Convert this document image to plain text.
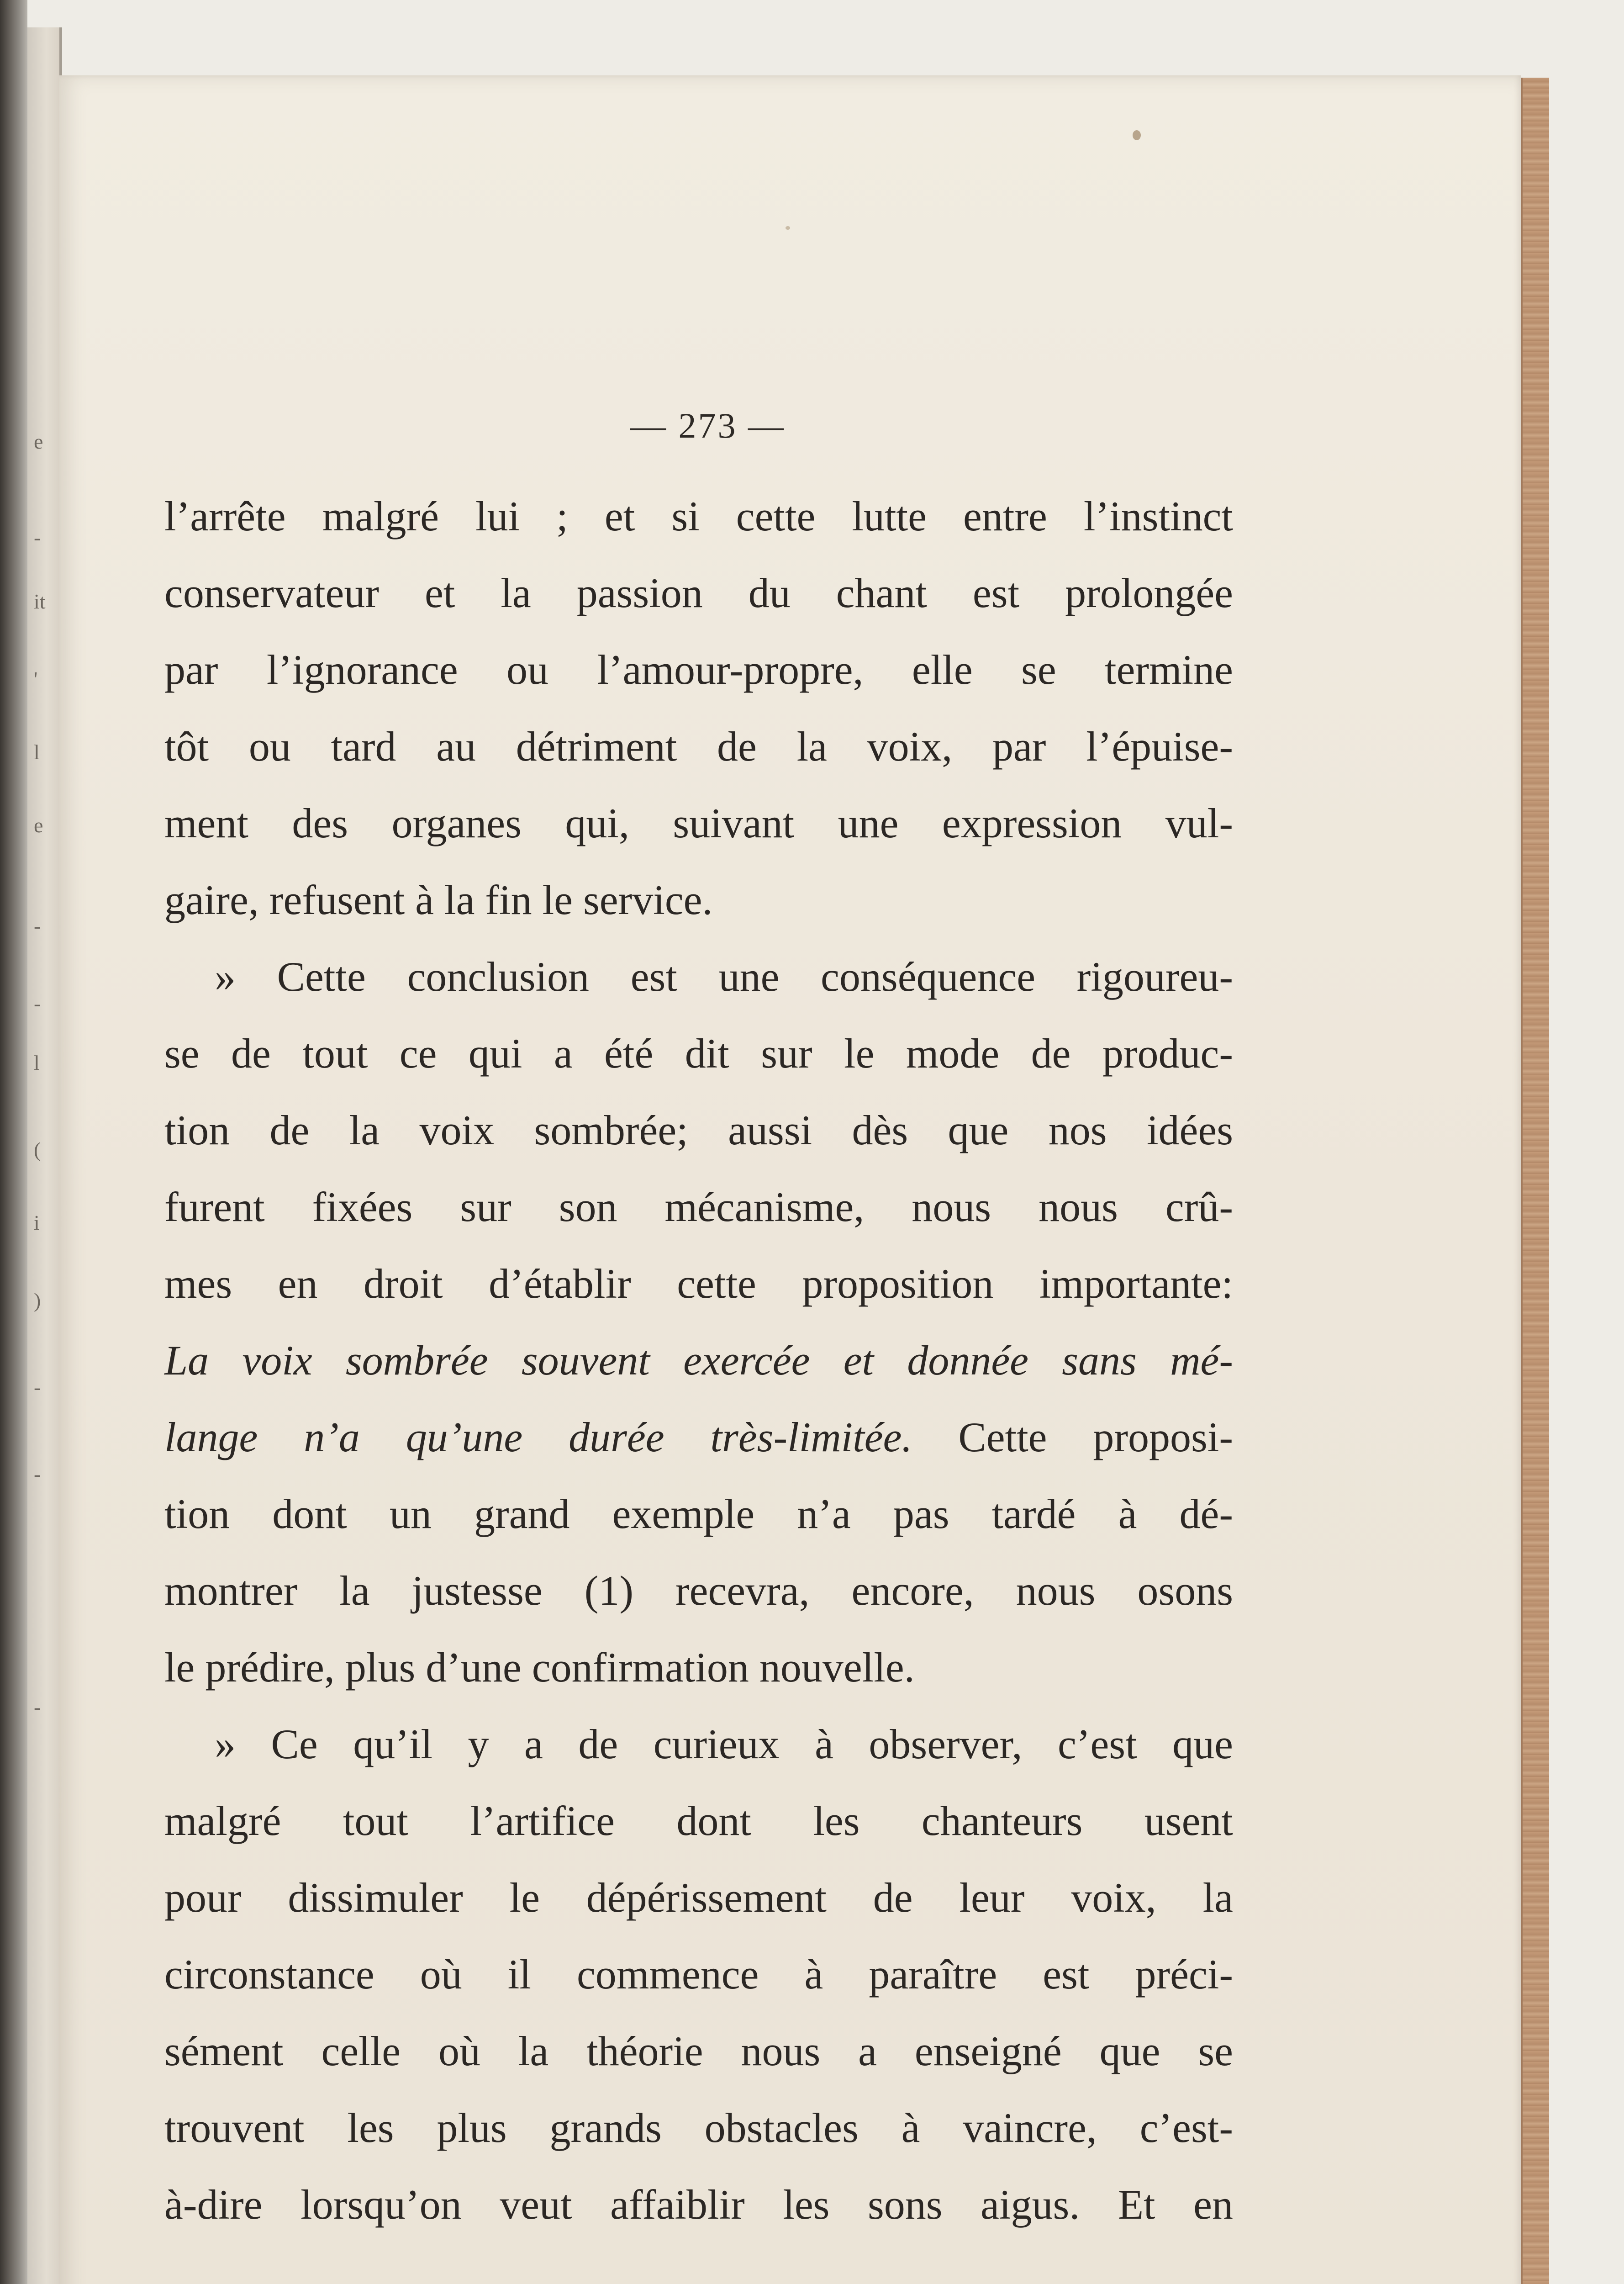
e
-
it
'
l
e
-
-
l
(
i
)
-
-
-
— 273 —
l’arrête malgré lui ; et si cette lutte entre l’instinct
conservateur et la passion du chant est prolongée
par l’ignorance ou l’amour-propre, elle se termine
tôt ou tard au détriment de la voix, par l’épuise-
ment des organes qui, suivant une expression vul-
gaire, refusent à la fin le service.
» Cette conclusion est une conséquence rigoureu-
se de tout ce qui a été dit sur le mode de produc-
tion de la voix sombrée; aussi dès que nos idées
furent fixées sur son mécanisme, nous nous crû-
mes en droit d’établir cette proposition importante:
La voix sombrée souvent exercée et donnée sans mé-
lange n’a qu’une durée très-limitée. Cette proposi-
tion dont un grand exemple n’a pas tardé à dé-
montrer la justesse (1) recevra, encore, nous osons
le prédire, plus d’une confirmation nouvelle.
» Ce qu’il y a de curieux à observer, c’est que
malgré tout l’artifice dont les chanteurs usent
pour dissimuler le dépérissement de leur voix, la
circonstance où il commence à paraître est préci-
sément celle où la théorie nous a enseigné que se
trouvent les plus grands obstacles à vaincre, c’est-
à-dire lorsqu’on veut affaiblir les sons aigus. Et en
